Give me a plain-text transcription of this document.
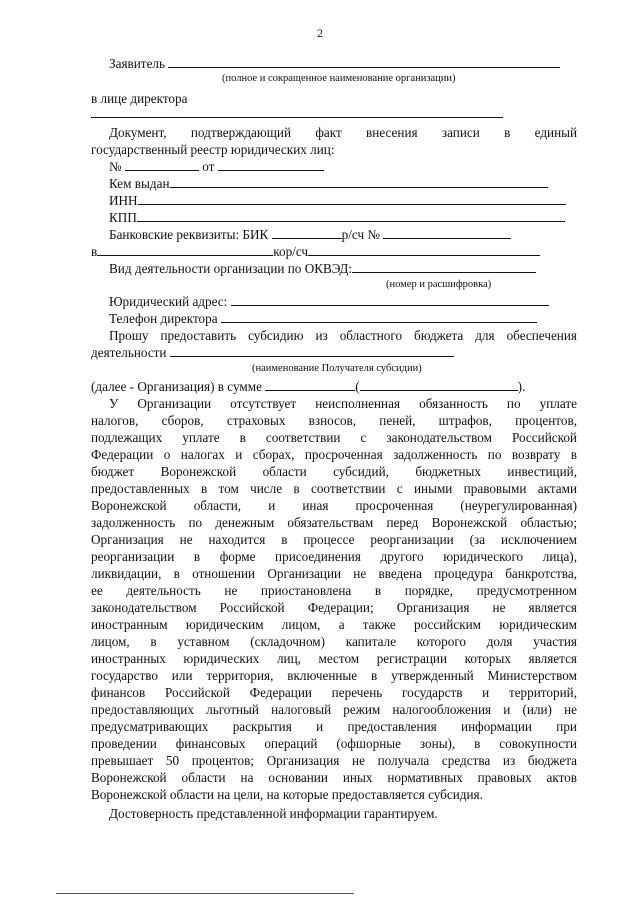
2
Заявитель
(полное и сокращенное наименование организации)
в лице директора
Документ, подтверждающий факт внесения записи в единый
государственный реестр юридических лиц:
№	от
Кем выдан
ИНН
КПП
Банковские реквизиты: БИК	р/сч №
в	кор/сч
Вид деятельности организации по ОКВЭД:
(номер и расшифровка)
Юридический адрес:
Телефон директора
Прошу предоставить субсидию из областного бюджета для обеспечения
деятельности
(наименование Получателя субсидии)
(далее - Организация) в сумме	(	).
У Организации отсутствует неисполненная обязанность по уплате
налогов, сборов, страховых взносов, пеней, штрафов, процентов,
подлежащих уплате в соответствии с законодательством Российской
Федерации о налогах и сборах, просроченная задолженность по возврату в
бюджет Воронежской области субсидий, бюджетных инвестиций,
предоставленных в том числе в соответствии с иными правовыми актами
Воронежской области, и иная просроченная (неурегулированная)
задолженность по денежным обязательствам перед Воронежской областью;
Организация не находится в процессе реорганизации (за исключением
реорганизации в форме присоединения другого юридического лица),
ликвидации, в отношении Организации не введена процедура банкротства,
ее деятельность не приостановлена в порядке, предусмотренном
законодательством Российской Федерации; Организация не является
иностранным юридическим лицом, а также российским юридическим
лицом, в уставном (складочном) капитале которого доля участия
иностранных юридических лиц, местом регистрации которых является
государство или территория, включенные в утвержденный Министерством
финансов Российской Федерации перечень государств и территорий,
предоставляющих льготный налоговый режим налогообложения и (или) не
предусматривающих раскрытия и предоставления информации при
проведении финансовых операций (офшорные зоны), в совокупности
превышает 50 процентов; Организация не получала средства из бюджета
Воронежской области на основании иных нормативных правовых актов
Воронежской области на цели, на которые предоставляется субсидия.
Достоверность представленной информации гарантируем.
